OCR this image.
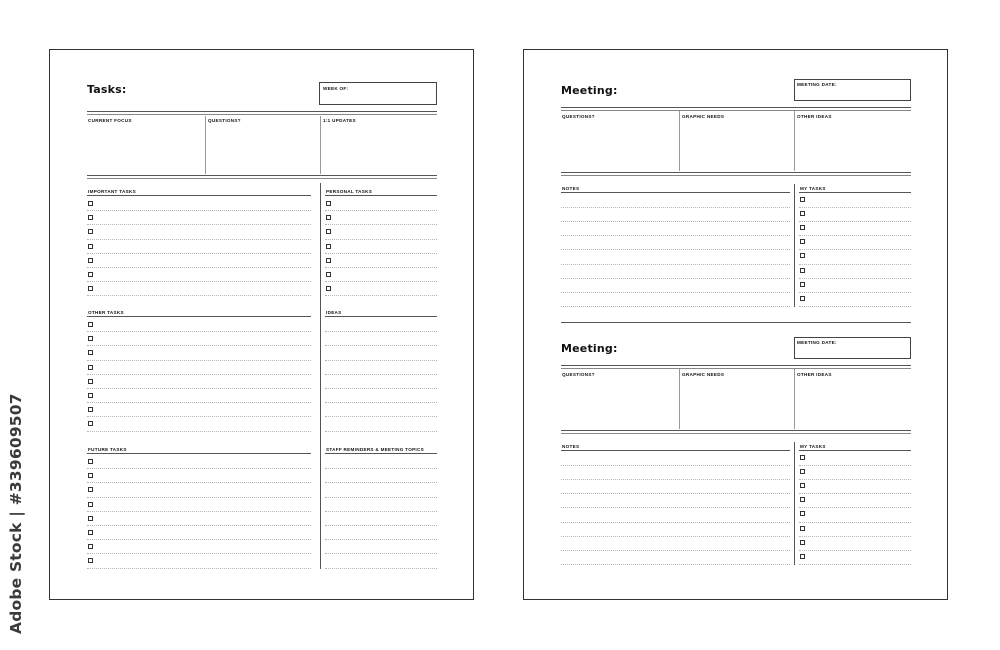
Tasks:	WEEK OF:
CURRENT FOCUS	QUESTIONS?	1:1 UPDATES
IMPORTANT TASKS
OTHER TASKS
FUTURE TASKS
PERSONAL TASKS
IDEAS
STAFF REMINDERS & MEETING TOPICS
Meeting:	MEETING DATE:
QUESTIONS?	GRAPHIC NEEDS	OTHER IDEAS
NOTES	MY TASKS
Meeting:	MEETING DATE:
QUESTIONS?	GRAPHIC NEEDS	OTHER IDEAS
NOTES	MY TASKS
Adobe Stock | #339609507
